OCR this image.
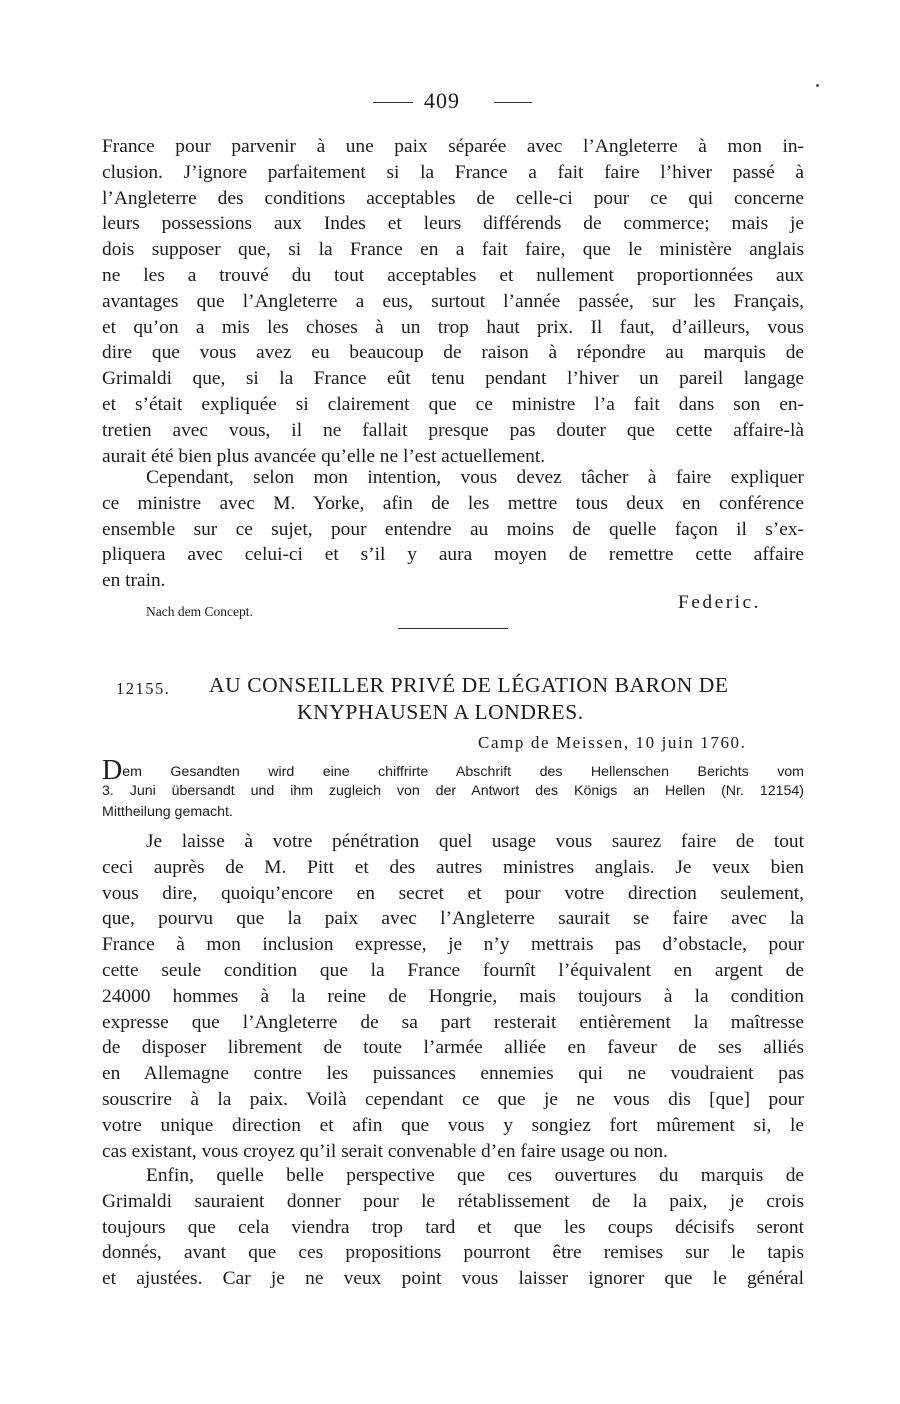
409
France pour parvenir à une paix séparée avec l’Angleterre à mon in-
clusion. J’ignore parfaitement si la France a fait faire l’hiver passé à
l’Angleterre des conditions acceptables de celle-ci pour ce qui concerne
leurs possessions aux Indes et leurs différends de commerce; mais je
dois supposer que, si la France en a fait faire, que le ministère anglais
ne les a trouvé du tout acceptables et nullement proportionnées aux
avantages que l’Angleterre a eus, surtout l’année passée, sur les Français,
et qu’on a mis les choses à un trop haut prix. Il faut, d’ailleurs, vous
dire que vous avez eu beaucoup de raison à répondre au marquis de
Grimaldi que, si la France eût tenu pendant l’hiver un pareil langage
et s’était expliquée si clairement que ce ministre l’a fait dans son en-
tretien avec vous, il ne fallait presque pas douter que cette affaire-là
aurait été bien plus avancée qu’elle ne l’est actuellement.
Cependant, selon mon intention, vous devez tâcher à faire expliquer
ce ministre avec M. Yorke, afin de les mettre tous deux en conférence
ensemble sur ce sujet, pour entendre au moins de quelle façon il s’ex-
pliquera avec celui-ci et s’il y aura moyen de remettre cette affaire
en train.
Federic.
Nach dem Concept.
12155. AU CONSEILLER PRIVÉ DE LÉGATION BARON DE
KNYPHAUSEN A LONDRES.
Camp de Meissen, 10 juin 1760.
Dem Gesandten wird eine chiffrirte Abschrift des Hellenschen Berichts vom
3. Juni übersandt und ihm zugleich von der Antwort des Königs an Hellen (Nr. 12154)
Mittheilung gemacht.
Je laisse à votre pénétration quel usage vous saurez faire de tout
ceci auprès de M. Pitt et des autres ministres anglais. Je veux bien
vous dire, quoiqu’encore en secret et pour votre direction seulement,
que, pourvu que la paix avec l’Angleterre saurait se faire avec la
France à mon inclusion expresse, je n’y mettrais pas d’obstacle, pour
cette seule condition que la France fournît l’équivalent en argent de
24000 hommes à la reine de Hongrie, mais toujours à la condition
expresse que l’Angleterre de sa part resterait entièrement la maîtresse
de disposer librement de toute l’armée alliée en faveur de ses alliés
en Allemagne contre les puissances ennemies qui ne voudraient pas
souscrire à la paix. Voilà cependant ce que je ne vous dis [que] pour
votre unique direction et afin que vous y songiez fort mûrement si, le
cas existant, vous croyez qu’il serait convenable d’en faire usage ou non.
Enfin, quelle belle perspective que ces ouvertures du marquis de
Grimaldi sauraient donner pour le rétablissement de la paix, je crois
toujours que cela viendra trop tard et que les coups décisifs seront
donnés, avant que ces propositions pourront être remises sur le tapis
et ajustées. Car je ne veux point vous laisser ignorer que le général
